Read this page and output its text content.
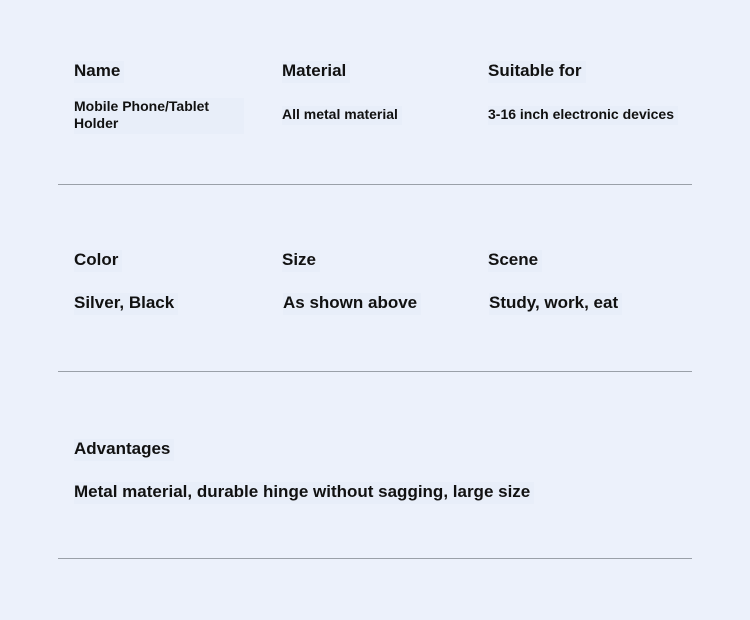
Name
Mobile Phone/Tablet Holder
Material
All metal material
Suitable for
3-16 inch electronic devices
Color
Silver, Black
Size
As shown above
Scene
Study, work, eat
Advantages
Metal material, durable hinge without sagging, large size
